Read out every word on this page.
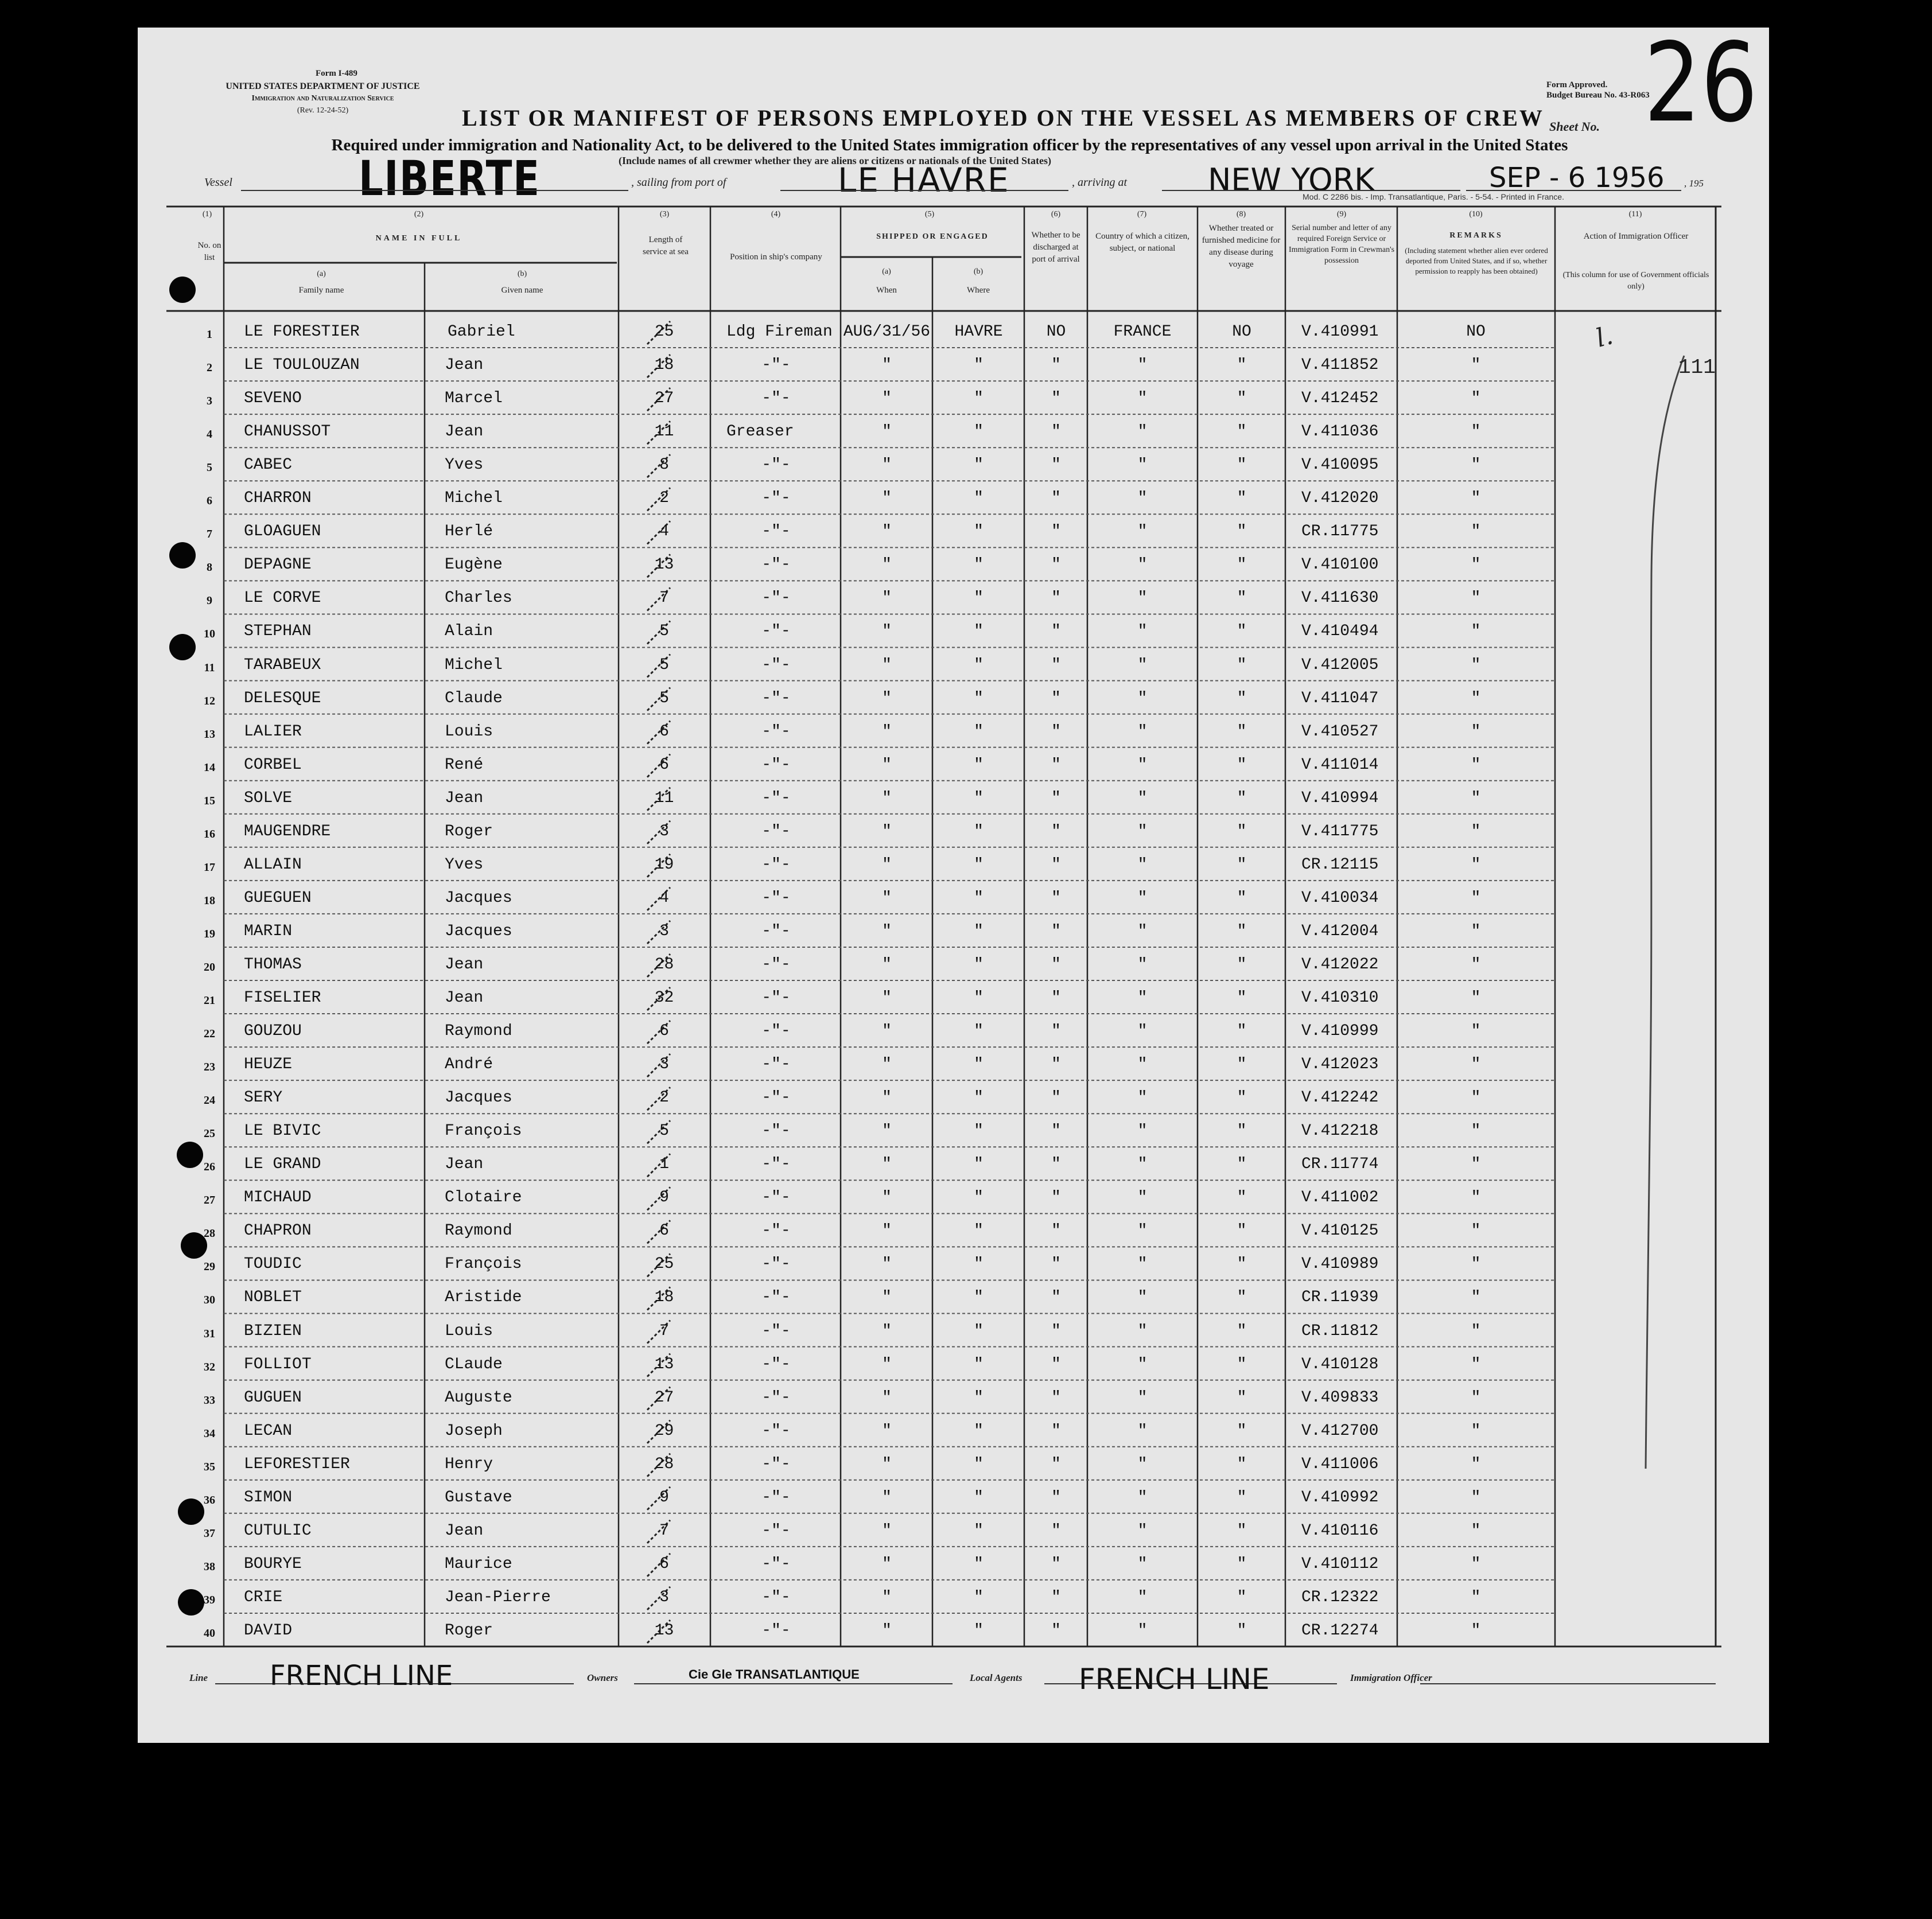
Form I-489
UNITED STATES DEPARTMENT OF JUSTICE
Immigration and Naturalization Service
(Rev. 12-24-52)
Form Approved.
Budget Bureau No. 43-R063
Sheet No. 26
LIST OR MANIFEST OF PERSONS EMPLOYED ON THE VESSEL AS MEMBERS OF CREW
Required under immigration and Nationality Act, to be delivered to the United States immigration officer by the representatives of any vessel upon arrival in the United States
(Include names of all crewmer whether they are aliens or citizens or nationals of the United States)
Vessel	LIBERTE	, sailing from port of	LE HAVRE	, arriving at	NEW YORK	SEP - 6 1956 , 195
Mod. C 2286 bis. - Imp. Transatlantique, Paris. - 5-54. - Printed in France.
(1)
No. on list
(2)
NAME IN FULL
(a)
Family name
(b)
Given name
(3)
Length of service at sea
(4)
Position in ship's company
(5)
SHIPPED OR ENGAGED
(a)
When
(b)
Where
(6)
Whether to be discharged at port of arrival
(7)
Country of which a citizen, subject, or national
(8)
Whether treated or furnished medicine for any disease during voyage
(9)
Serial number and letter of any required Foreign Service or Immigration Form in Crewman's possession
(10)
REMARKS
(Including statement whether alien ever ordered deported from United States, and if so, whether permission to reapply has been obtained)
(11)
Action of Immigration Officer
(This column for use of Government officials only)
1	LE FORESTIER	Gabriel	25	Ldg Fireman AUG/31/56	HAVRE	NO	FRANCE	NO	V.410991	NO
2	LE TOULOUZAN	Jean	18	-"-	"	"	"	"	"	V.411852	"
3	SEVENO	Marcel	27	-"-	"	"	"	"	"	V.412452	"
4	CHANUSSOT	Jean	11	Greaser	"	"	"	"	"	V.411036	"
5	CABEC	Yves	8	-"-	"	"	"	"	"	V.410095	"
6	CHARRON	Michel	2	-"-	"	"	"	"	"	V.412020	"
7	GLOAGUEN	Herlé	4	-"-	"	"	"	"	"	CR.11775	"
8	DEPAGNE	Eugène	13	-"-	"	"	"	"	"	V.410100	"
9	LE CORVE	Charles	7	-"-	"	"	"	"	"	V.411630	"
10	STEPHAN	Alain	5	-"-	"	"	"	"	"	V.410494	"
11	TARABEUX	Michel	5	-"-	"	"	"	"	"	V.412005	"
12	DELESQUE	Claude	5	-"-	"	"	"	"	"	V.411047	"
13	LALIER	Louis	6	-"-	"	"	"	"	"	V.410527	"
14	CORBEL	René	6	-"-	"	"	"	"	"	V.411014	"
15	SOLVE	Jean	11	-"-	"	"	"	"	"	V.410994	"
16	MAUGENDRE	Roger	3	-"-	"	"	"	"	"	V.411775	"
17	ALLAIN	Yves	19	-"-	"	"	"	"	"	CR.12115	"
18	GUEGUEN	Jacques	4	-"-	"	"	"	"	"	V.410034	"
19	MARIN	Jacques	3	-"-	"	"	"	"	"	V.412004	"
20	THOMAS	Jean	28	-"-	"	"	"	"	"	V.412022	"
21	FISELIER	Jean	32	-"-	"	"	"	"	"	V.410310	"
22	GOUZOU	Raymond	6	-"-	"	"	"	"	"	V.410999	"
23	HEUZE	André	3	-"-	"	"	"	"	"	V.412023	"
24	SERY	Jacques	2	-"-	"	"	"	"	"	V.412242	"
25	LE BIVIC	François	5	-"-	"	"	"	"	"	V.412218	"
26	LE GRAND	Jean	1	-"-	"	"	"	"	"	CR.11774	"
27	MICHAUD	Clotaire	9	-"-	"	"	"	"	"	V.411002	"
28	CHAPRON	Raymond	6	-"-	"	"	"	"	"	V.410125	"
29	TOUDIC	François	25	-"-	"	"	"	"	"	V.410989	"
30	NOBLET	Aristide	18	-"-	"	"	"	"	"	CR.11939	"
31	BIZIEN	Louis	7	-"-	"	"	"	"	"	CR.11812	"
32	FOLLIOT	CLaude	13	-"-	"	"	"	"	"	V.410128	"
33	GUGUEN	Auguste	27	-"-	"	"	"	"	"	V.409833	"
34	LECAN	Joseph	29	-"-	"	"	"	"	"	V.412700	"
35	LEFORESTIER	Henry	28	-"-	"	"	"	"	"	V.411006	"
36	SIMON	Gustave	9	-"-	"	"	"	"	"	V.410992	"
37	CUTULIC	Jean	7	-"-	"	"	"	"	"	V.410116	"
38	BOURYE	Maurice	6	-"-	"	"	"	"	"	V.410112	"
39	CRIE	Jean-Pierre	3	-"-	"	"	"	"	"	CR.12322	"
40	DAVID	Roger	13	-"-	"	"	"	"	"	CR.12274	"
l.
111
Line FRENCH LINE	Owners	Cie Gle TRANSATLANTIQUE	Local Agents FRENCH LINE	Immigration Officer
